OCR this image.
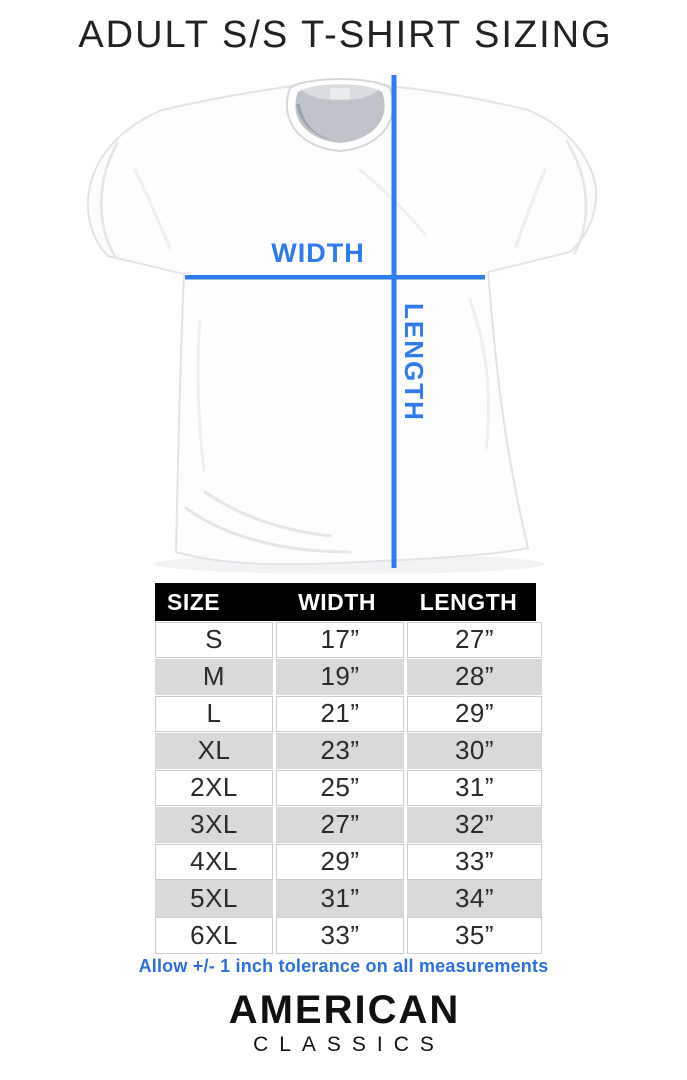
ADULT S/S T-SHIRT SIZING
WIDTH
LENGTH
SIZE	WIDTH	LENGTH
S	17”	27”
M	19”	28”
L	21”	29”
XL	23”	30”
2XL	25”	31”
3XL	27”	32”
4XL	29”	33”
5XL	31”	34”
6XL	33”	35”
Allow +/- 1 inch tolerance on all measurements
AMERICAN
CLASSICS
